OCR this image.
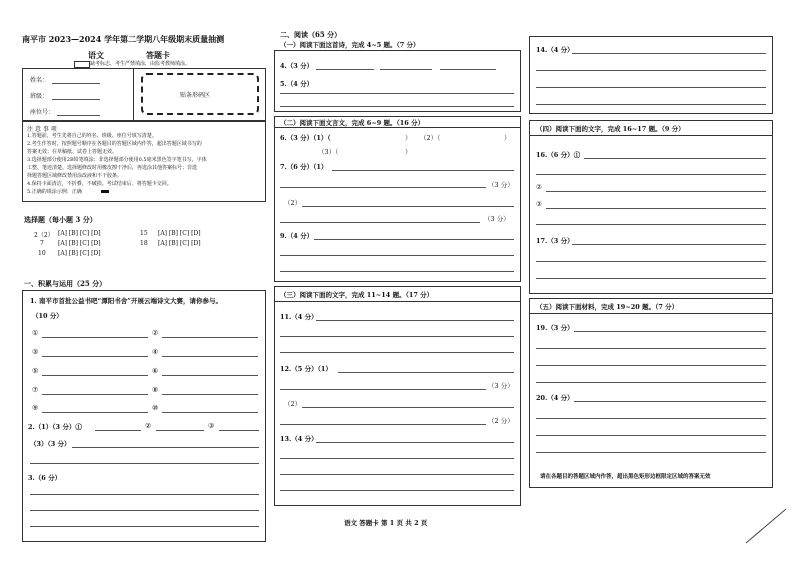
南平市 2023—2024 学年第二学期八年级期末质量抽测
语文	答题卡
缺考标志，考生严禁填涂，由监考教师填涂。
姓名：
班级：
座位号：
贴条形码区
注 意 事 项
1.答题前，考生先将自己的姓名、班级、座位号填写清楚。
2.考生作答时，按照题号顺序在各题目的答题区域内作答，超出答题区域书写的
答案无效；在草稿纸、试卷上答题无效。
3.选择题部分使用2B铅笔填涂；非选择题部分使用0.5毫米黑色签字笔书写，字体
工整、笔迹清楚。选择题修改时用橡皮擦干净后，再选涂其他答案标号；非选
择题答题区域修改禁用涂改液和不干胶条。
4.保持卡面清洁，不折叠，不破损。考试结束后，将答题卡交回。
5.正确的填涂示例：正确
选择题（每小题 3 分）
2（2） [A] [B] [C] [D]	15 [A] [B] [C] [D]
7 [A] [B] [C] [D]	18 [A] [B] [C] [D]
10 [A] [B] [C] [D]
一、积累与运用（25 分）
1. 南平市首批公益书吧“潭阳书舍”开展云端诗文大赛，请你参与。
（10 分）
①	②
③	④
⑤	⑥
⑦	⑧
⑨	⑩
2.（1）（3 分）①	②	③
（3）（3 分）
3.（6 分）
二、阅读（65 分）
（一）阅读下面这首诗，完成 4~5 题。（7 分）
4.（3 分）
5.（4 分）
（二）阅读下面文言文，完成 6~9 题。（16 分）
6.（3 分）（1）（	） （2）（	）
（3）（	）
7.（6 分）（1）
（3 分）
（2）
（3 分）
9.（4 分）
（三）阅读下面的文字，完成 11~14 题。（17 分）
11.（4 分）
12.（5 分）（1）
（3 分）
（2）
（2 分）
13.（4 分）
语文 答题卡 第 1 页 共 2 页
14.（4 分）
（四）阅读下面的文字，完成 16~17 题。（9 分）
16.（6 分）①
②
③
17.（3 分）
（五）阅读下面材料，完成 19~20 题。（7 分）
19.（3 分）
20.（4 分）
请在各题目的答题区域内作答，超出黑色矩形边框限定区域的答案无效
